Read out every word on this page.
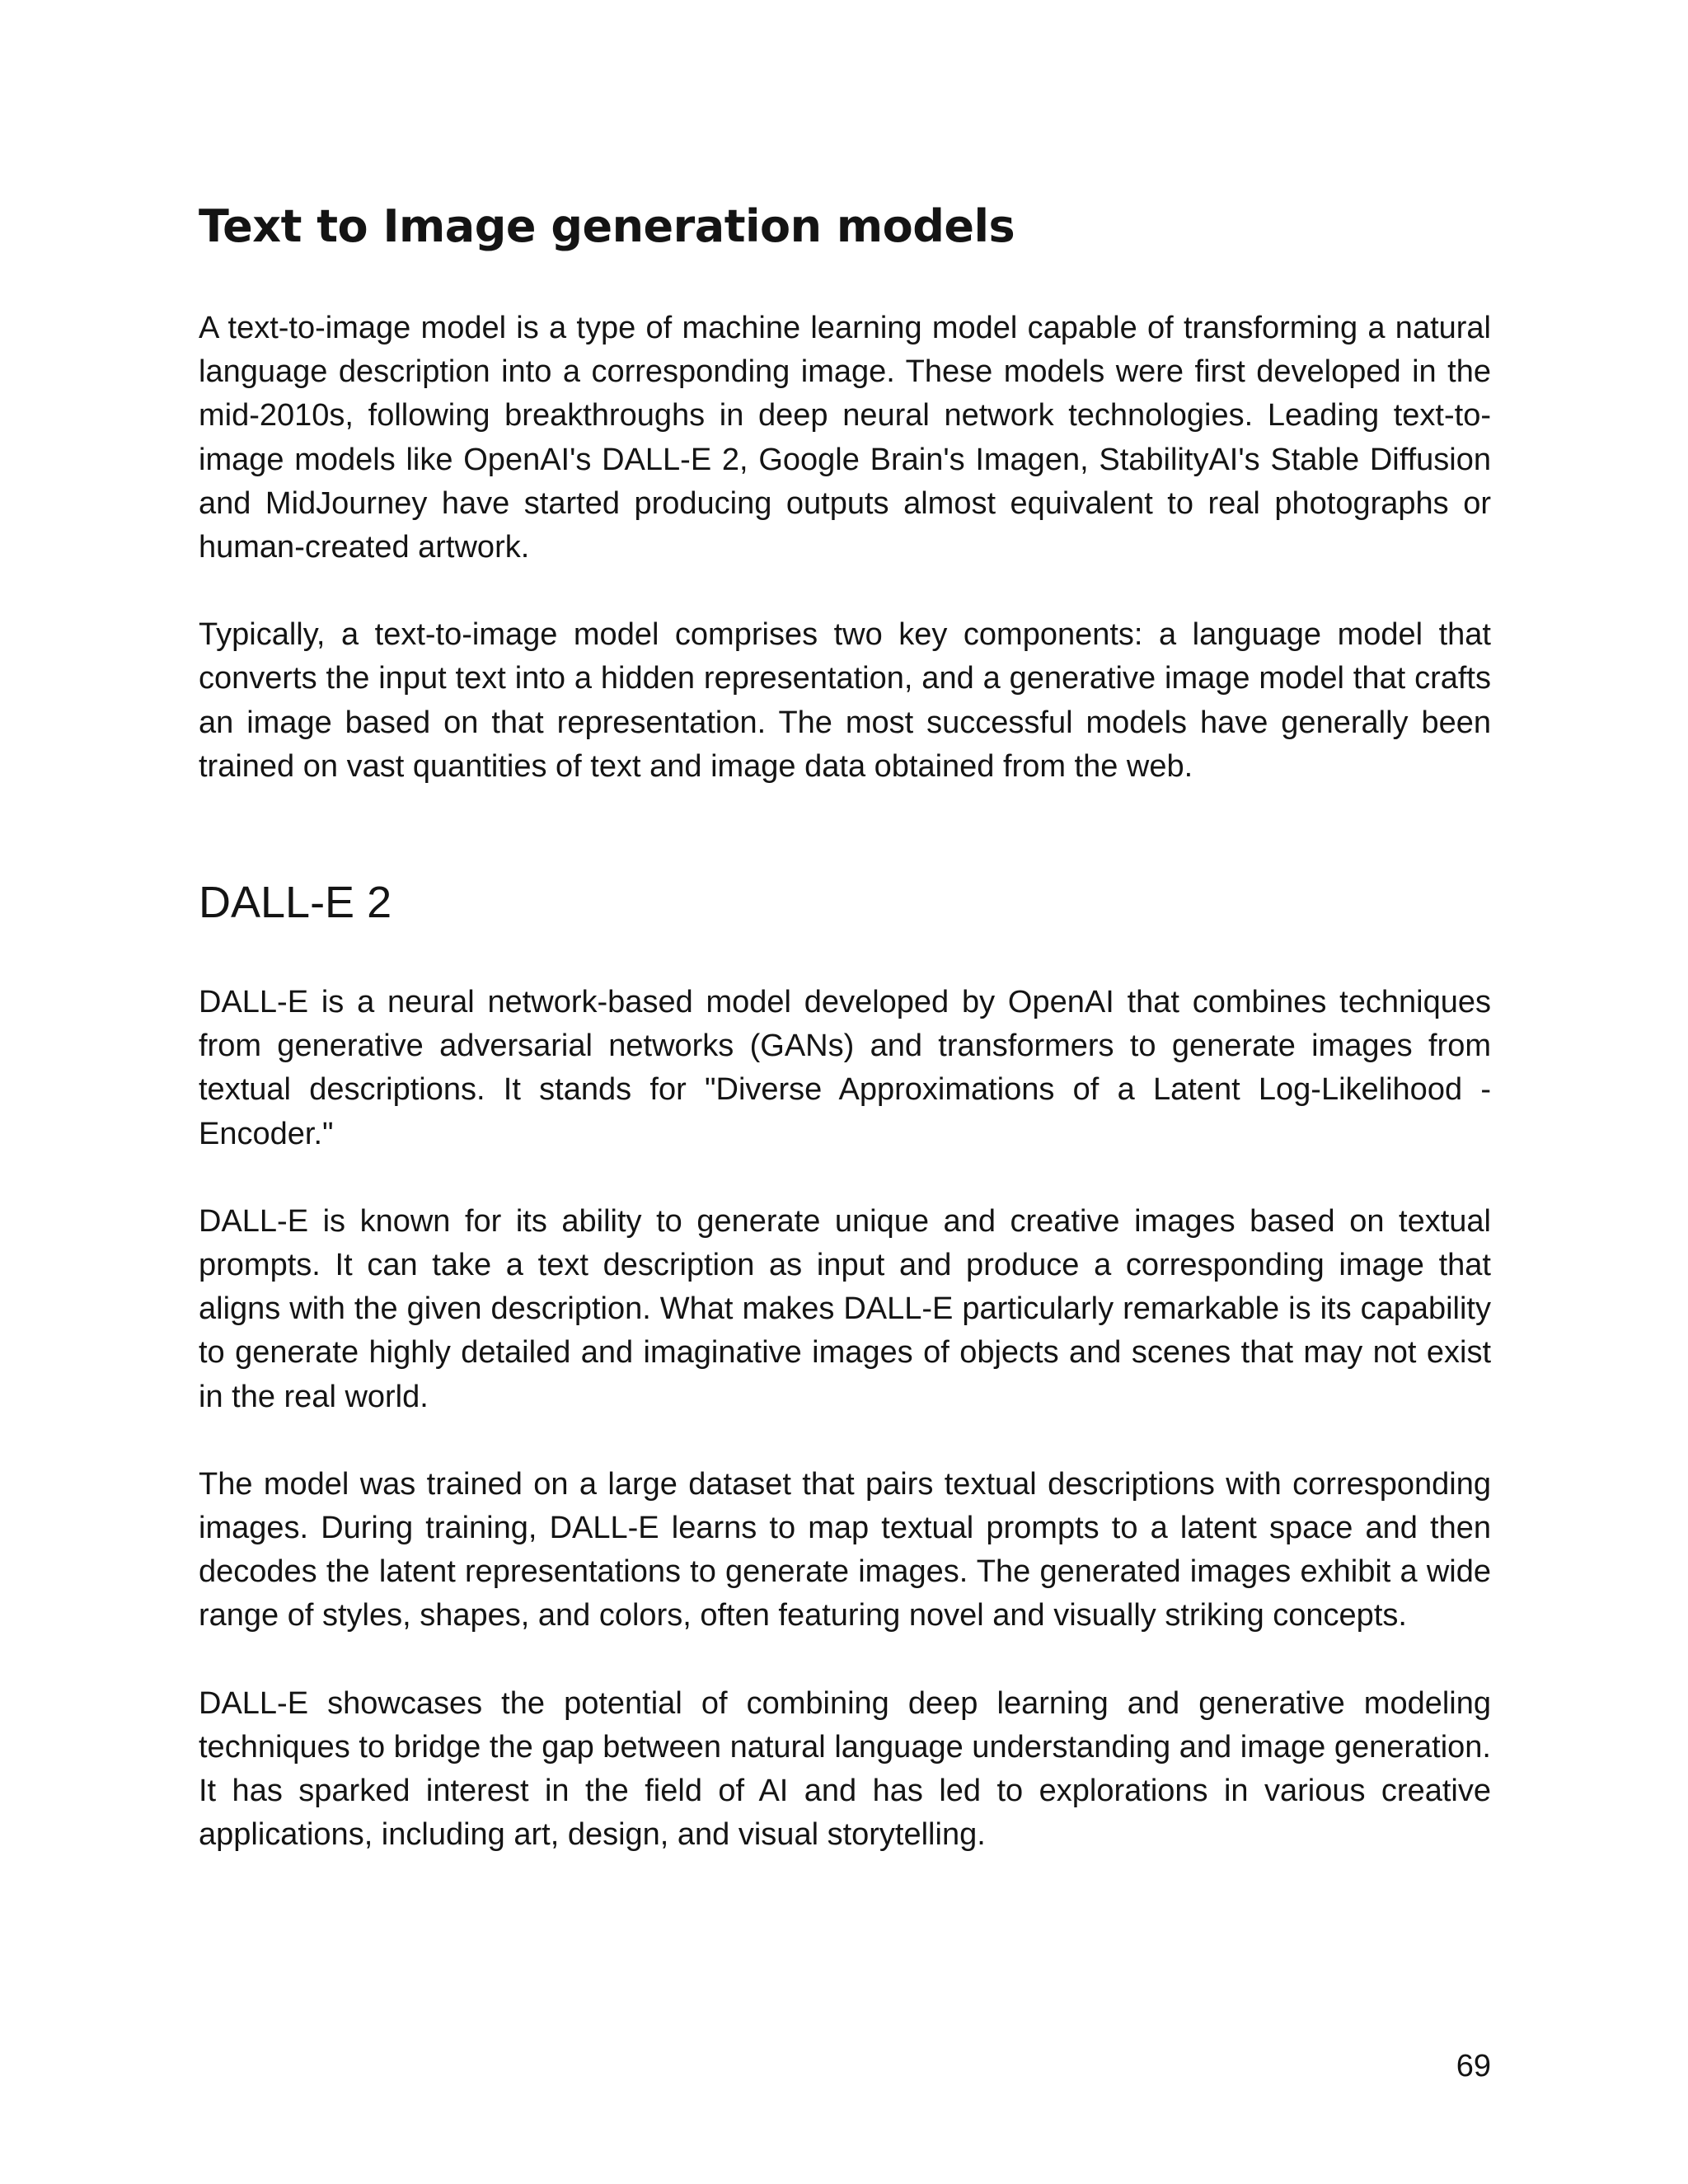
Text to Image generation models

A text-to-image model is a type of machine learning model capable of transforming a natural language description into a corresponding image. These models were first developed in the mid-2010s, following breakthroughs in deep neural network technologies. Leading text-to-image models like OpenAI's DALL-E 2, Google Brain's Imagen, StabilityAI's Stable Diffusion and MidJourney have started producing outputs almost equivalent to real photographs or human-created artwork.

Typically, a text-to-image model comprises two key components: a language model that converts the input text into a hidden representation, and a generative image model that crafts an image based on that representation. The most successful models have generally been trained on vast quantities of text and image data obtained from the web.

DALL-E 2

DALL-E is a neural network-based model developed by OpenAI that combines techniques from generative adversarial networks (GANs) and transformers to generate images from textual descriptions. It stands for "Diverse Approximations of a Latent Log-Likelihood - Encoder."

DALL-E is known for its ability to generate unique and creative images based on textual prompts. It can take a text description as input and produce a corresponding image that aligns with the given description. What makes DALL-E particularly remarkable is its capability to generate highly detailed and imaginative images of objects and scenes that may not exist in the real world.

The model was trained on a large dataset that pairs textual descriptions with corresponding images. During training, DALL-E learns to map textual prompts to a latent space and then decodes the latent representations to generate images. The generated images exhibit a wide range of styles, shapes, and colors, often featuring novel and visually striking concepts.

DALL-E showcases the potential of combining deep learning and generative modeling techniques to bridge the gap between natural language understanding and image generation. It has sparked interest in the field of AI and has led to explorations in various creative applications, including art, design, and visual storytelling.

69
